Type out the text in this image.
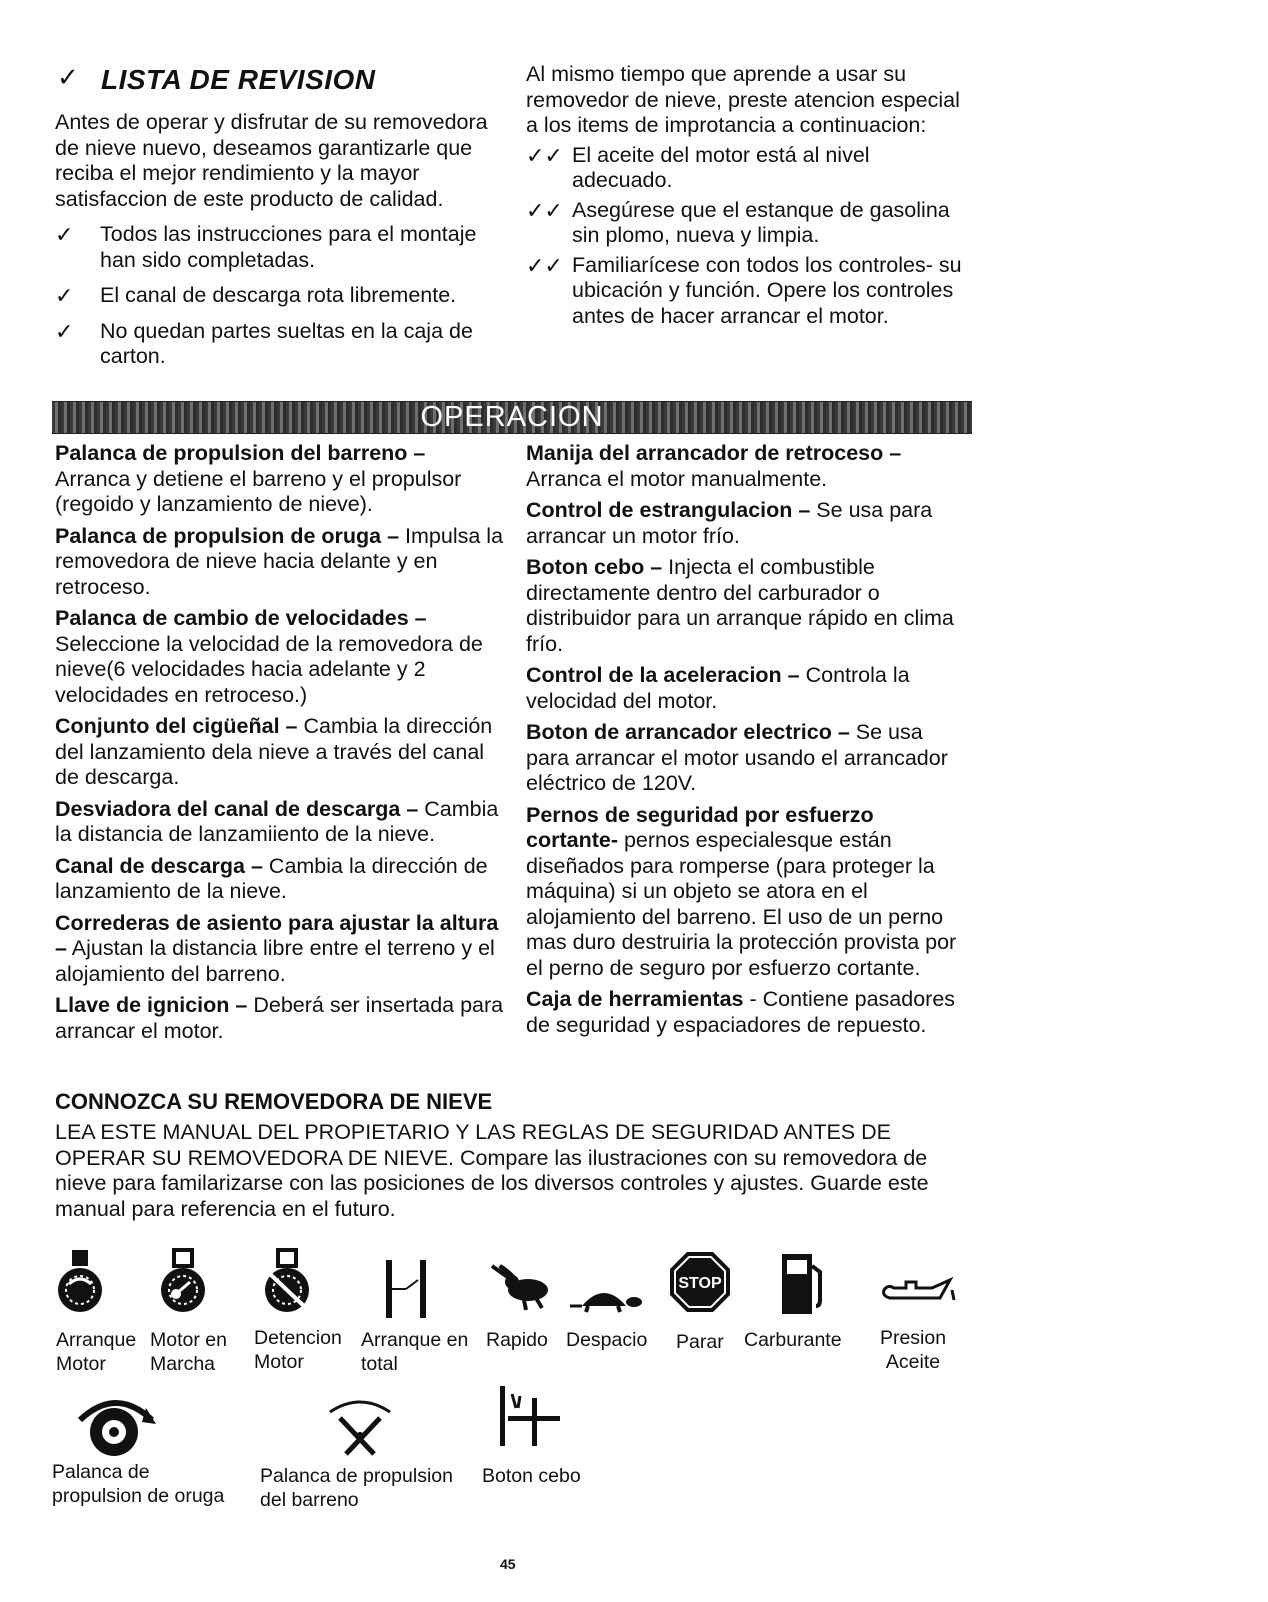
✓ LISTA DE REVISION
Antes de operar y disfrutar de su removedora de nieve nuevo, deseamos garantizarle que reciba el mejor rendimiento y la mayor satisfaccion de este producto de calidad.
✓ Todos las instrucciones para el montaje han sido completadas.
✓ El canal de descarga rota libremente.
✓ No quedan partes sueltas en la caja de carton.
Al mismo tiempo que aprende a usar su removedor de nieve, preste atencion especial a los items de improtancia a continuacion:
✓✓ El aceite del motor está al nivel adecuado.
✓✓ Asegúrese que el estanque de gasolina sin plomo, nueva y limpia.
✓✓ Familiarícese con todos los controles- su ubicación y función. Opere los controles antes de hacer arrancar el motor.
OPERACION
Palanca de propulsion del barreno – Arranca y detiene el barreno y el propulsor (regoido y lanzamiento de nieve).
Palanca de propulsion de oruga – Impulsa la removedora de nieve hacia delante y en retroceso.
Palanca de cambio de velocidades – Seleccione la velocidad de la removedora de nieve(6 velocidades hacia adelante y 2 velocidades en retroceso.)
Conjunto del cigüeñal – Cambia la dirección del lanzamiento dela nieve a través del canal de descarga.
Desviadora del canal de descarga – Cambia la distancia de lanzamiiento de la nieve.
Canal de descarga – Cambia la dirección de lanzamiento de la nieve.
Correderas de asiento para ajustar la altura – Ajustan la distancia libre entre el terreno y el alojamiento del barreno.
Llave de ignicion – Deberá ser insertada para arrancar el motor.
Manija del arrancador de retroceso – Arranca el motor manualmente.
Control de estrangulacion – Se usa para arrancar un motor frío.
Boton cebo – Injecta el combustible directamente dentro del carburador o distribuidor para un arranque rápido en clima frío.
Control de la aceleracion – Controla la velocidad del motor.
Boton de arrancador electrico – Se usa para arrancar el motor usando el arrancador eléctrico de 120V.
Pernos de seguridad por esfuerzo cortante- pernos especialesque están diseñados para romperse (para proteger la máquina) si un objeto se atora en el alojamiento del barreno. El uso de un perno mas duro destruiria la protección provista por el perno de seguro por esfuerzo cortante.
Caja de herramientas - Contiene pasadores de seguridad y espaciadores de repuesto.
CONNOZCA SU REMOVEDORA DE NIEVE
LEA ESTE MANUAL DEL PROPIETARIO Y LAS REGLAS DE SEGURIDAD ANTES DE OPERAR SU REMOVEDORA DE NIEVE. Compare las ilustraciones con su removedora de nieve para familarizarse con las posiciones de los diversos controles y ajustes. Guarde este manual para referencia en el futuro.
STOP
Arranque
Motor
Motor en
Marcha
Detencion
Motor
Arranque en
total
Rapido Despacio Parar Carburante Presion
Aceite
Palanca de
propulsion de oruga
Palanca de propulsion
del barreno
Boton cebo
45
